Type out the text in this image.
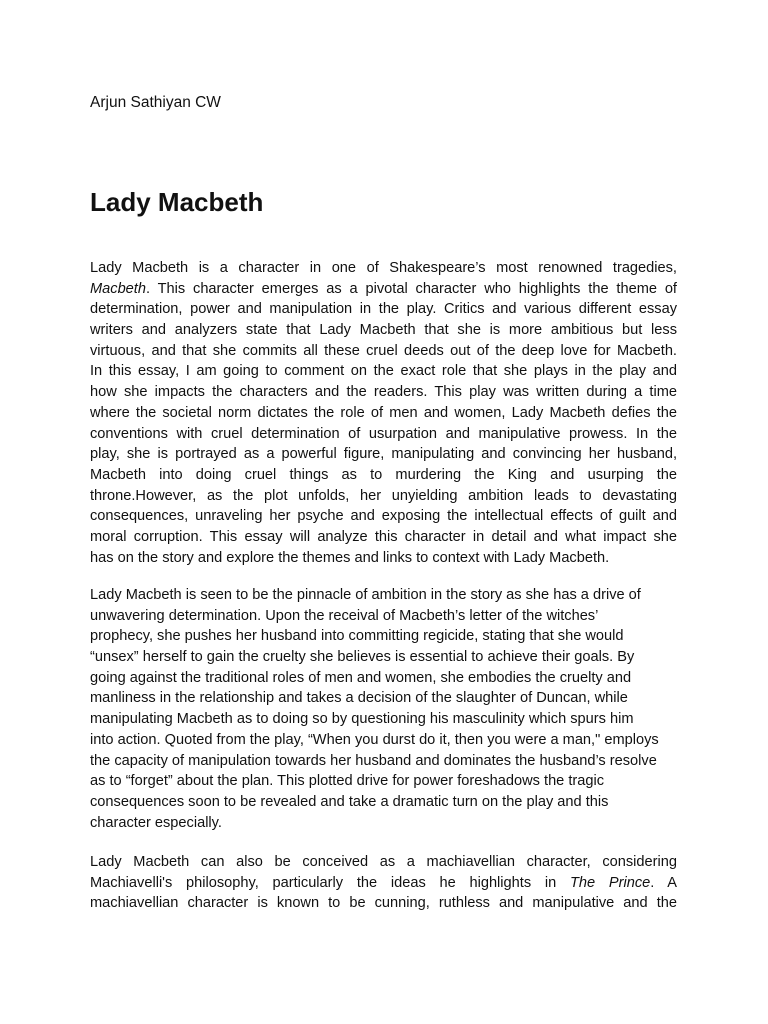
Arjun Sathiyan CW

Lady Macbeth
Lady Macbeth is a character in one of Shakespeare’s most renowned tragedies,
Macbeth. This character emerges as a pivotal character who highlights the theme of
determination, power and manipulation in the play. Critics and various different essay
writers and analyzers state that Lady Macbeth that she is more ambitious but less
virtuous, and that she commits all these cruel deeds out of the deep love for Macbeth.
In this essay, I am going to comment on the exact role that she plays in the play and
how she impacts the characters and the readers. This play was written during a time
where the societal norm dictates the role of men and women, Lady Macbeth defies the
conventions with cruel determination of usurpation and manipulative prowess. In the
play, she is portrayed as a powerful figure, manipulating and convincing her husband,
Macbeth into doing cruel things as to murdering the King and usurping the
throne.However, as the plot unfolds, her unyielding ambition leads to devastating
consequences, unraveling her psyche and exposing the intellectual effects of guilt and
moral corruption. This essay will analyze this character in detail and what impact she
has on the story and explore the themes and links to context with Lady Macbeth.
Lady Macbeth is seen to be the pinnacle of ambition in the story as she has a drive of
unwavering determination. Upon the receival of Macbeth’s letter of the witches’
prophecy, she pushes her husband into committing regicide, stating that she would
“unsex” herself to gain the cruelty she believes is essential to achieve their goals. By
going against the traditional roles of men and women, she embodies the cruelty and
manliness in the relationship and takes a decision of the slaughter of Duncan, while
manipulating Macbeth as to doing so by questioning his masculinity which spurs him
into action. Quoted from the play, “When you durst do it, then you were a man," employs
the capacity of manipulation towards her husband and dominates the husband’s resolve
as to “forget” about the plan. This plotted drive for power foreshadows the tragic
consequences soon to be revealed and take a dramatic turn on the play and this
character especially.
Lady Macbeth can also be conceived as a machiavellian character, considering
Machiavelli's philosophy, particularly the ideas he highlights in The Prince. A
machiavellian character is known to be cunning, ruthless and manipulative and the
